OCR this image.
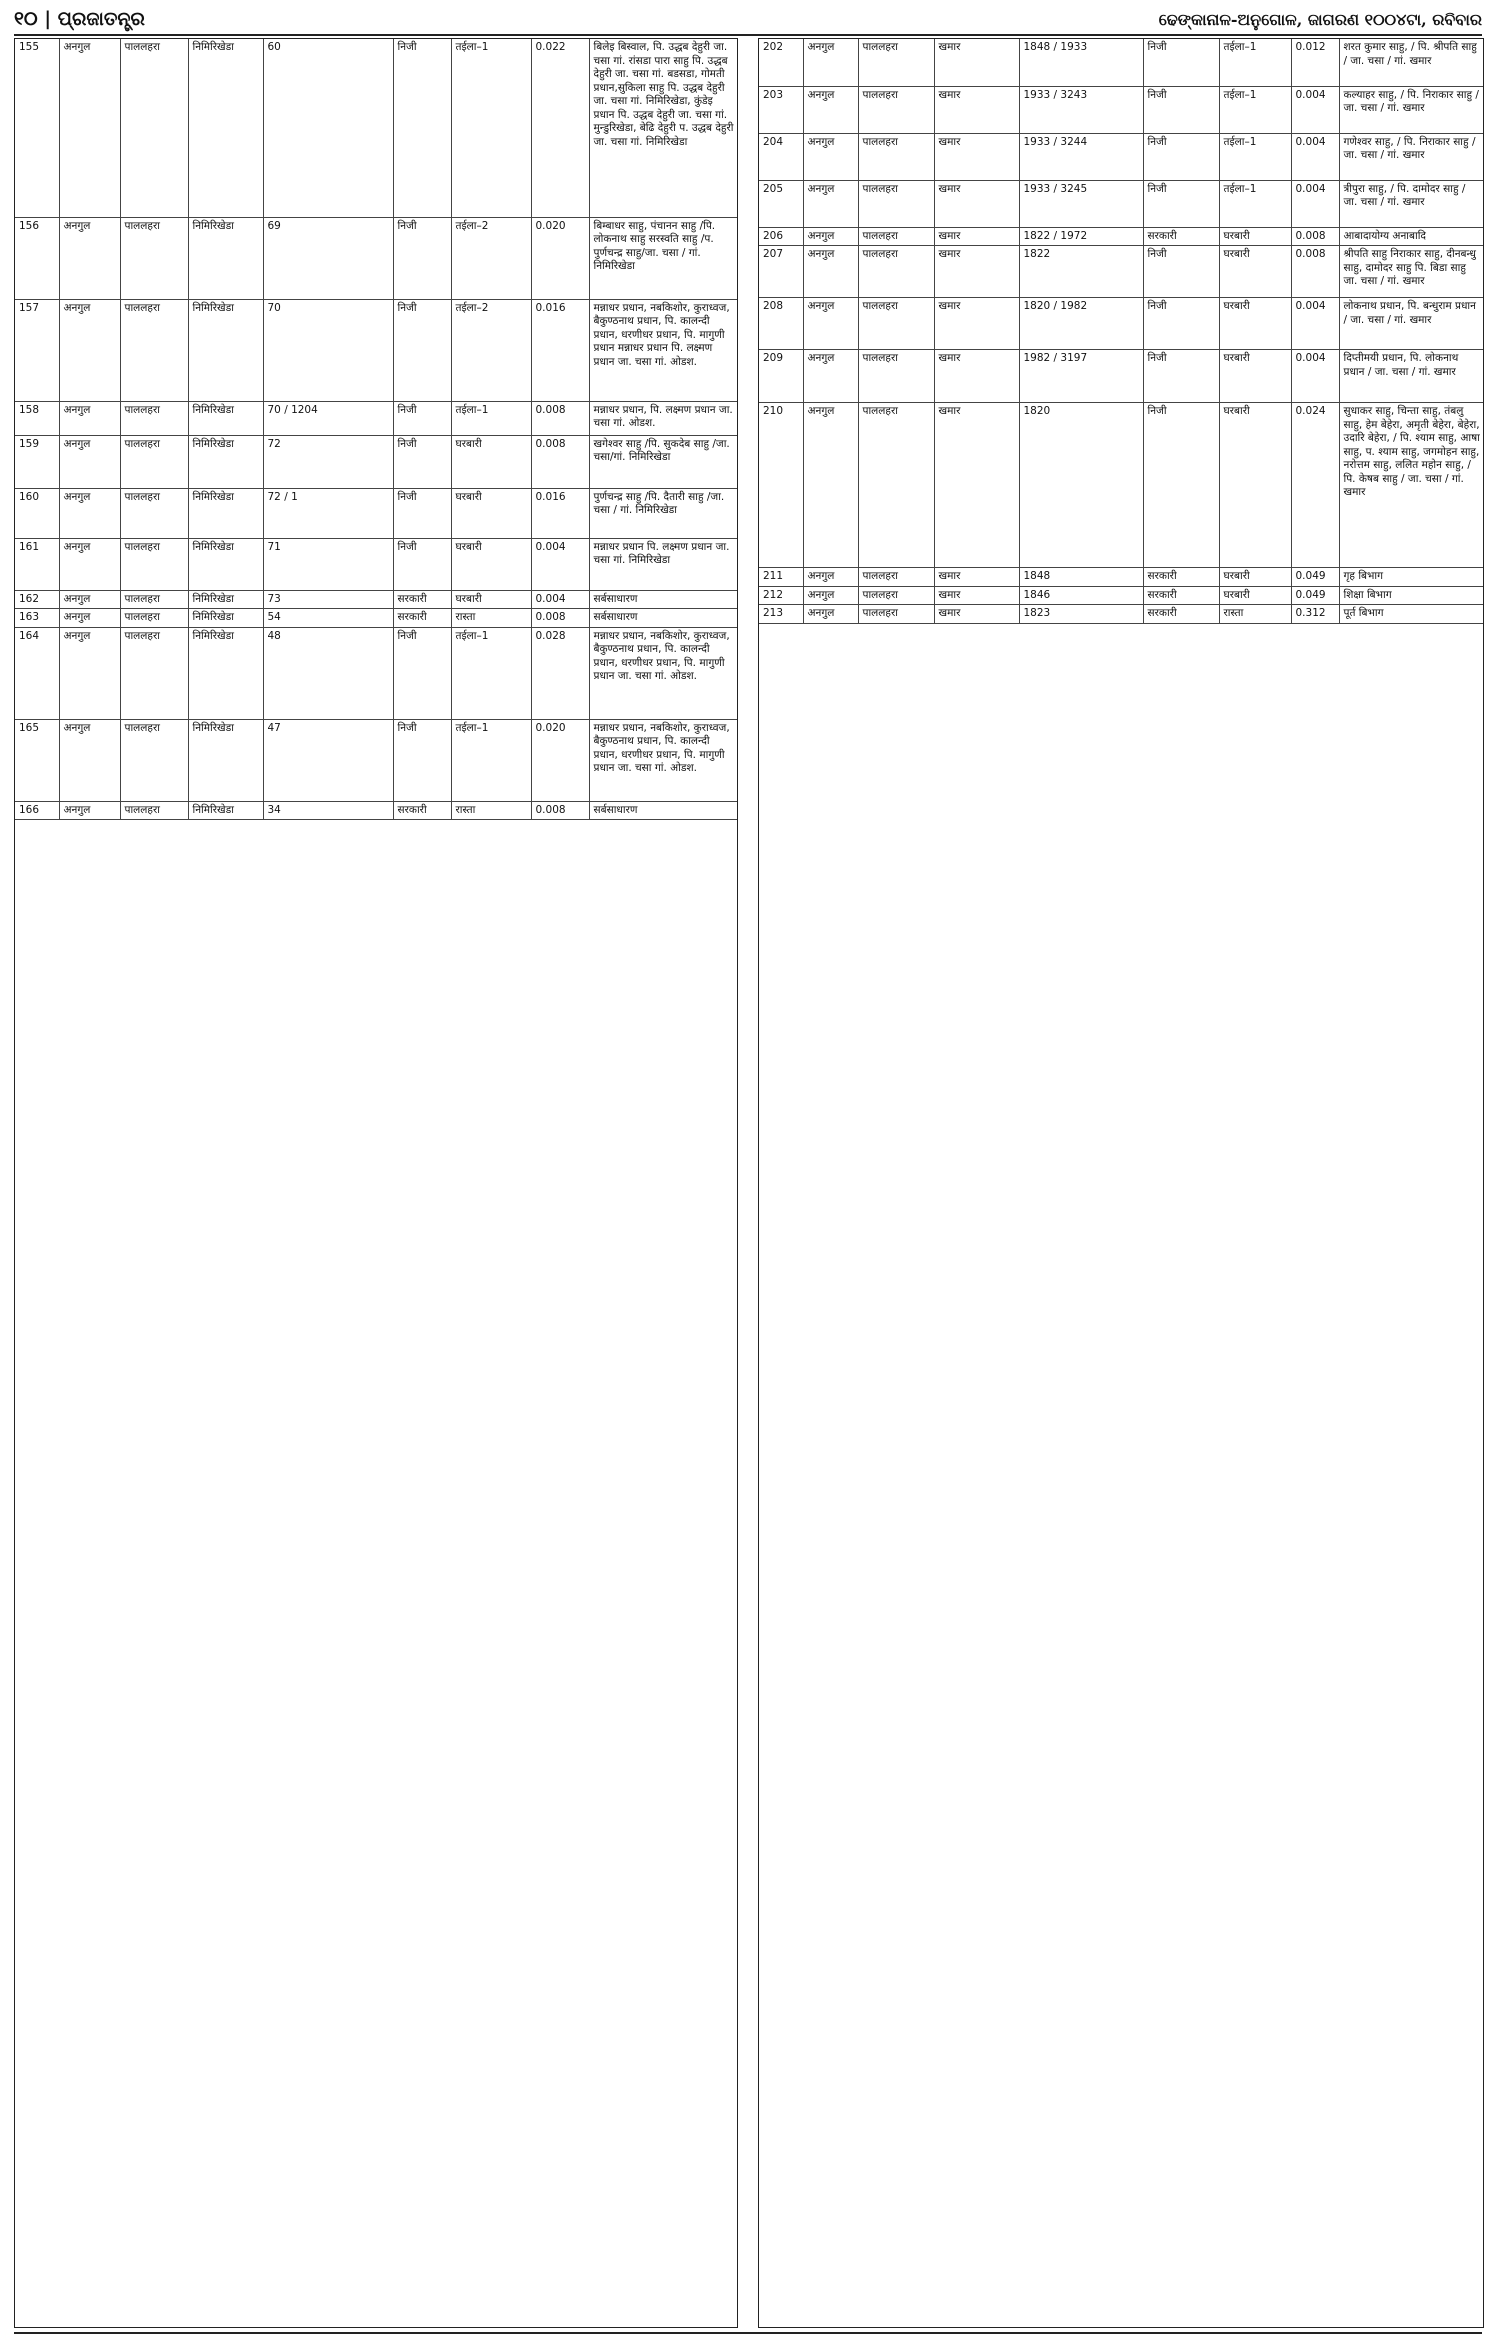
୧୦ | ପ୍ରଜାତନ୍ତ୍ର	ଢେଙ୍କାନାଳ-ଅନୁଗୋଳ, ଜାଗରଣ ୧୦୦୪ଟା, ରବିବାର
155	अनगुल	पाललहरा	निमिरिखेडा	60	निजी	तईला–1	0.022	बिलेइ बिस्वाल, पि. उद्धब देहुरी जा. चसा गां. रांसडा पारा साहु पि. उद्धब देहुरी जा. चसा गां. बडसडा, गोमती प्रधान,सुकिला साहु पि. उद्धब देहुरी जा. चसा गां. निमिरिखेडा, कुंडेइ प्रधान पि. उद्धब देहुरी जा. चसा गां. मुन्डुरिखेडा, बेढि देहुरी प. उद्धब देहुरी जा. चसा गां. निमिरिखेडा
156	अनगुल	पाललहरा	निमिरिखेडा	69	निजी	तईला–2	0.020	बिम्बाधर साहु, पंचानन साहु /पि. लोकनाथ साहु सरस्वति साहु /प. पुर्णचन्द्र साहु/जा. चसा / गां. निमिरिखेडा
157	अनगुल	पाललहरा	निमिरिखेडा	70	निजी	तईला–2	0.016	मन्नाधर प्रधान, नबकिशोर, कुराध्वज, बैकुण्ठनाथ प्रधान, पि. कालन्दी प्रधान, धरणीधर प्रधान, पि. मागुणी प्रधान मन्नाधर प्रधान पि. लक्ष्मण प्रधान जा. चसा गां. ओडश.
158	अनगुल	पाललहरा	निमिरिखेडा	70 / 1204	निजी	तईला–1	0.008	मन्नाधर प्रधान, पि. लक्ष्मण प्रधान जा. चसा गां. ओडश.
159	अनगुल	पाललहरा	निमिरिखेडा	72	निजी	घरबारी	0.008	खगेश्वर साहु /पि. सुकदेब साहु /जा. चसा/गां. निमिरिखेडा
160	अनगुल	पाललहरा	निमिरिखेडा	72 / 1	निजी	घरबारी	0.016	पुर्णचन्द्र साहु /पि. दैतारी साहु /जा. चसा / गां. निमिरिखेडा
161	अनगुल	पाललहरा	निमिरिखेडा	71	निजी	घरबारी	0.004	मन्नाधर प्रधान पि. लक्ष्मण प्रधान जा. चसा गां. निमिरिखेडा
162	अनगुल	पाललहरा	निमिरिखेडा	73	सरकारी	घरबारी	0.004	सर्बसाधारण
163	अनगुल	पाललहरा	निमिरिखेडा	54	सरकारी	रास्ता	0.008	सर्बसाधारण
164	अनगुल	पाललहरा	निमिरिखेडा	48	निजी	तईला–1	0.028	मन्नाधर प्रधान, नबकिशोर, कुराध्वज, बैकुण्ठनाथ प्रधान, पि. कालन्दी प्रधान, धरणीधर प्रधान, पि. मागुणी प्रधान जा. चसा गां. ओडश.
165	अनगुल	पाललहरा	निमिरिखेडा	47	निजी	तईला–1	0.020	मन्नाधर प्रधान, नबकिशोर, कुराध्वज, बैकुण्ठनाथ प्रधान, पि. कालन्दी प्रधान, धरणीधर प्रधान, पि. मागुणी प्रधान जा. चसा गां. ओडश.
166	अनगुल	पाललहरा	निमिरिखेडा	34	सरकारी	रास्ता	0.008	सर्बसाधारण
202	अनगुल	पाललहरा	खमार	1848 / 1933	निजी	तईला–1	0.012	शरत कुमार साहु, / पि. श्रीपति साहु / जा. चसा / गां. खमार
203	अनगुल	पाललहरा	खमार	1933 / 3243	निजी	तईला–1	0.004	कल्याहर साहु, / पि. निराकार साहु / जा. चसा / गां. खमार
204	अनगुल	पाललहरा	खमार	1933 / 3244	निजी	तईला–1	0.004	गणेश्वर साहु, / पि. निराकार साहु / जा. चसा / गां. खमार
205	अनगुल	पाललहरा	खमार	1933 / 3245	निजी	तईला–1	0.004	त्रीपुरा साहु, / पि. दामोदर साहु / जा. चसा / गां. खमार
206	अनगुल	पाललहरा	खमार	1822 / 1972	सरकारी	घरबारी	0.008	आबादायोग्य अनाबादि
207	अनगुल	पाललहरा	खमार	1822	निजी	घरबारी	0.008	श्रीपति साहु निराकार साहु, दीनबन्धु साहु, दामोदर साहु पि. बिडा साहु जा. चसा / गां. खमार
208	अनगुल	पाललहरा	खमार	1820 / 1982	निजी	घरबारी	0.004	लोकनाथ प्रधान, पि. बन्धुराम प्रधान / जा. चसा / गां. खमार
209	अनगुल	पाललहरा	खमार	1982 / 3197	निजी	घरबारी	0.004	दिप्तीमयी प्रधान, पि. लोकनाथ प्रधान / जा. चसा / गां. खमार
210	अनगुल	पाललहरा	खमार	1820	निजी	घरबारी	0.024	सुधाकर साहु, चिन्ता साहु, तंबलु साहु, हेम बेहेरा, अमृती बेहेरा, बेहेरा, उदारि बेहेरा, / पि. श्याम साहु, आषा साहु, प. श्याम साहु, जगमोहन साहु, नरोत्तम साहु, ललित महोन साहु, / पि. केषब साहु / जा. चसा / गां. खमार
211	अनगुल	पाललहरा	खमार	1848	सरकारी	घरबारी	0.049	गृह बिभाग
212	अनगुल	पाललहरा	खमार	1846	सरकारी	घरबारी	0.049	शिक्षा बिभाग
213	अनगुल	पाललहरा	खमार	1823	सरकारी	रास्ता	0.312	पूर्त बिभाग
